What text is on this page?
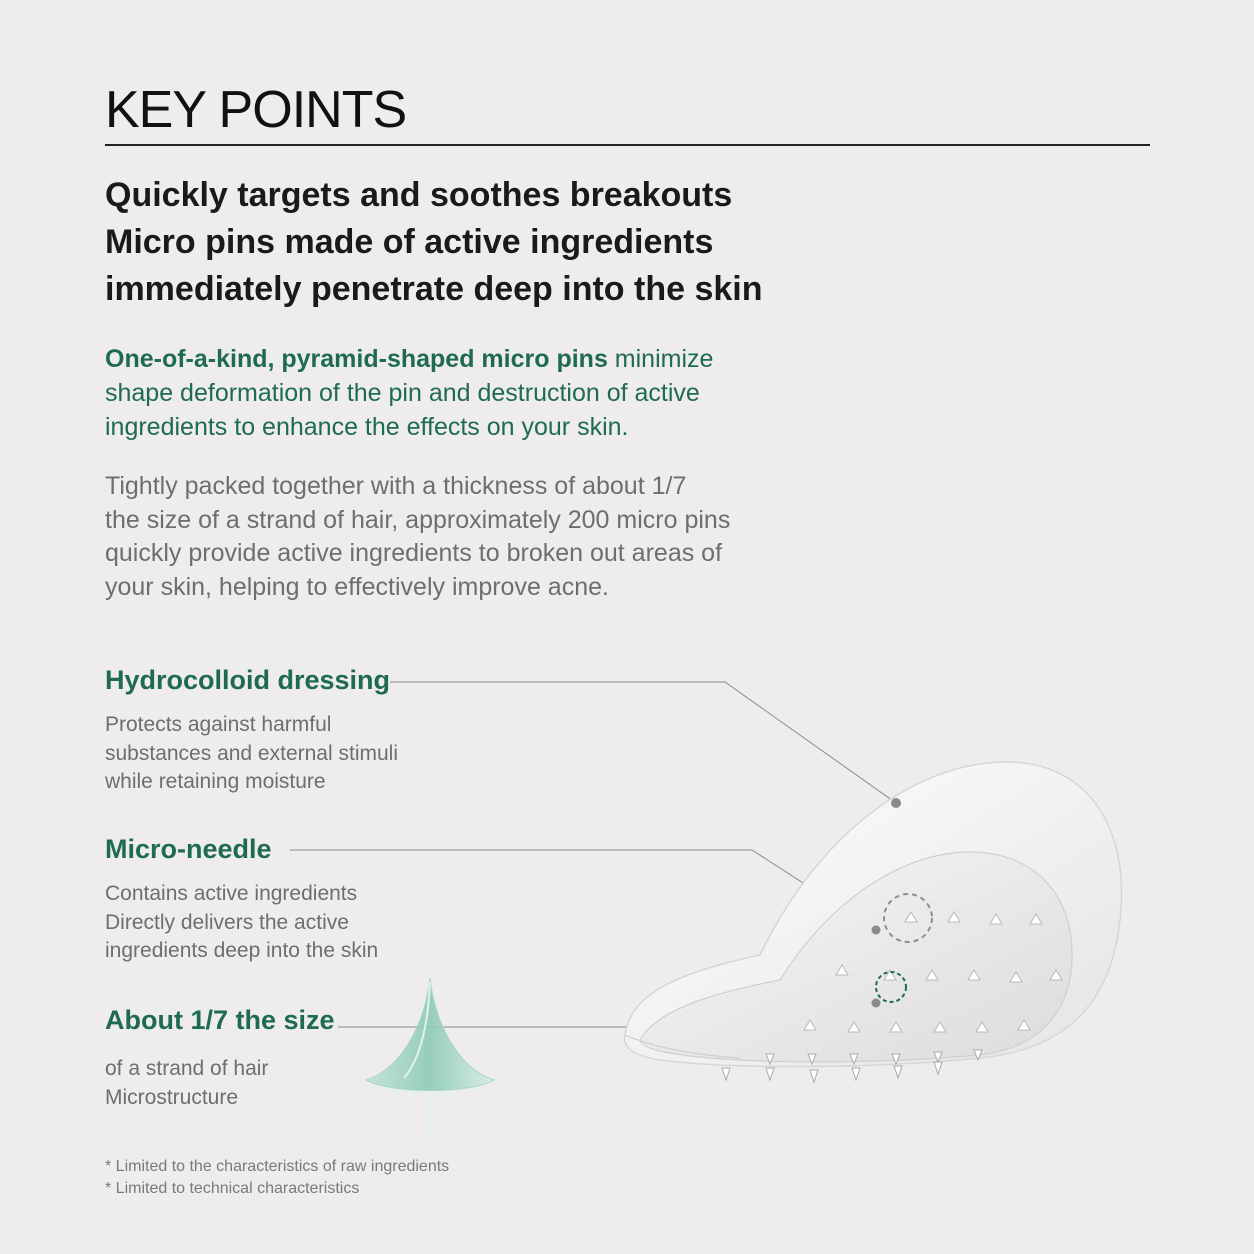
KEY POINTS
Quickly targets and soothes breakouts
Micro pins made of active ingredients
immediately penetrate deep into the skin
One-of-a-kind, pyramid-shaped micro pins minimize
shape deformation of the pin and destruction of active
ingredients to enhance the effects on your skin.
Tightly packed together with a thickness of about 1/7
the size of a strand of hair, approximately 200 micro pins
quickly provide active ingredients to broken out areas of
your skin, helping to effectively improve acne.
Hydrocolloid dressing
Protects against harmful
substances and external stimuli
while retaining moisture
Micro-needle
Contains active ingredients
Directly delivers the active
ingredients deep into the skin
About 1/7 the size
of a strand of hair
Microstructure
* Limited to the characteristics of raw ingredients
* Limited to technical characteristics
